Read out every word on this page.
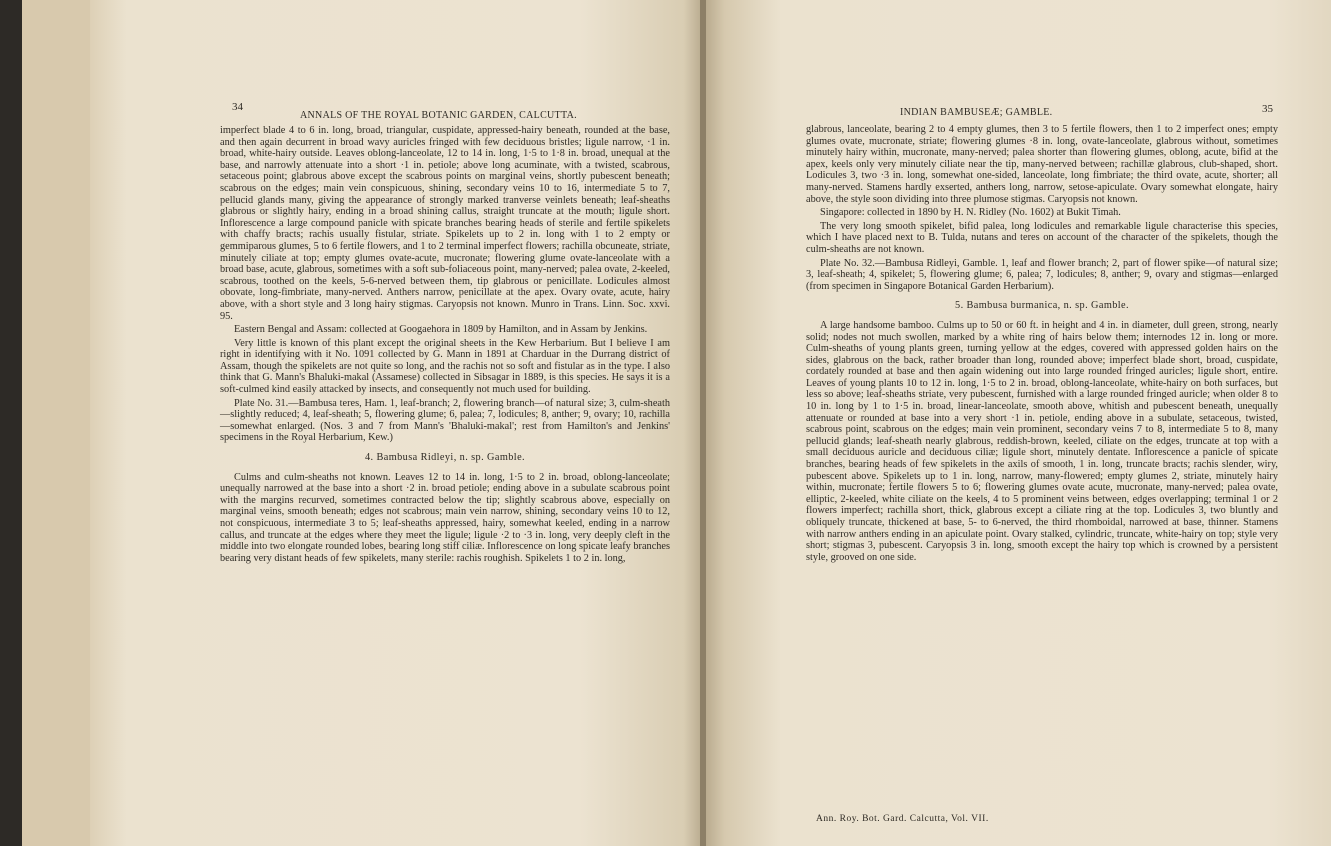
34
ANNALS OF THE ROYAL BOTANIC GARDEN, CALCUTTA.

imperfect blade 4 to 6 in. long, broad, triangular, cuspidate, appressed-hairy beneath, rounded at the base, and then again decurrent in broad wavy auricles fringed with few deciduous bristles; ligule narrow, ·1 in. broad, white-hairy outside. Leaves oblong-lanceolate, 12 to 14 in. long, 1·5 to 1·8 in. broad, unequal at the base, and narrowly attenuate into a short ·1 in. petiole; above long acuminate, with a twisted, scabrous, setaceous point; glabrous above except the scabrous points on marginal veins, shortly pubescent beneath; scabrous on the edges; main vein conspicuous, shining, secondary veins 10 to 16, intermediate 5 to 7, pellucid glands many, giving the appearance of strongly marked tranverse veinlets beneath; leaf-sheaths glabrous or slightly hairy, ending in a broad shining callus, straight truncate at the mouth; ligule short. Inflorescence a large compound panicle with spicate branches bearing heads of sterile and fertile spikelets with chaffy bracts; rachis usually fistular, striate. Spikelets up to 2 in. long with 1 to 2 empty or gemmiparous glumes, 5 to 6 fertile flowers, and 1 to 2 terminal imperfect flowers; rachilla obcuneate, striate, minutely ciliate at top; empty glumes ovate-acute, mucronate; flowering glume ovate-lanceolate with a broad base, acute, glabrous, sometimes with a soft sub-foliaceous point, many-nerved; palea ovate, 2-keeled, scabrous, toothed on the keels, 5-6-nerved between them, tip glabrous or penicillate. Lodicules almost obovate, long-fimbriate, many-nerved. Anthers narrow, penicillate at the apex. Ovary ovate, acute, hairy above, with a short style and 3 long hairy stigmas. Caryopsis not known. Munro in Trans. Linn. Soc. xxvi. 95.

Eastern Bengal and Assam: collected at Googaehora in 1809 by Hamilton, and in Assam by Jenkins.

Very little is known of this plant except the original sheets in the Kew Herbarium. But I believe I am right in identifying with it No. 1091 collected by G. Mann in 1891 at Charduar in the Durrang district of Assam, though the spikelets are not quite so long, and the rachis not so soft and fistular as in the type. I also think that G. Mann's Bhaluki-makal (Assamese) collected in Sibsagar in 1889, is this species. He says it is a soft-culmed kind easily attacked by insects, and consequently not much used for building.

Plate No. 31.—Bambusa teres, Ham. 1, leaf-branch; 2, flowering branch—of natural size; 3, culm-sheath—slightly reduced; 4, leaf-sheath; 5, flowering glume; 6, palea; 7, lodicules; 8, anther; 9, ovary; 10, rachilla—somewhat enlarged. (Nos. 3 and 7 from Mann's 'Bhaluki-makal'; rest from Hamilton's and Jenkins' specimens in the Royal Herbarium, Kew.)

4. Bambusa Ridleyi, n. sp. Gamble.

Culms and culm-sheaths not known. Leaves 12 to 14 in. long, 1·5 to 2 in. broad, oblong-lanceolate; unequally narrowed at the base into a short ·2 in. broad petiole; ending above in a subulate scabrous point with the margins recurved, sometimes contracted below the tip; slightly scabrous above, especially on marginal veins, smooth beneath; edges not scabrous; main vein narrow, shining, secondary veins 10 to 12, not conspicuous, intermediate 3 to 5; leaf-sheaths appressed, hairy, somewhat keeled, ending in a narrow callus, and truncate at the edges where they meet the ligule; ligule ·2 to ·3 in. long, very deeply cleft in the middle into two elongate rounded lobes, bearing long stiff ciliæ. Inflorescence on long spicate leafy branches bearing very distant heads of few spikelets, many sterile: rachis roughish. Spikelets 1 to 2 in. long,

INDIAN BAMBUSEÆ; GAMBLE.	35

glabrous, lanceolate, bearing 2 to 4 empty glumes, then 3 to 5 fertile flowers, then 1 to 2 imperfect ones; empty glumes ovate, mucronate, striate; flowering glumes ·8 in. long, ovate-lanceolate, glabrous without, sometimes minutely hairy within, mucronate, many-nerved; palea shorter than flowering glumes, oblong, acute, bifid at the apex, keels only very minutely ciliate near the tip, many-nerved between; rachillæ glabrous, club-shaped, short. Lodicules 3, two ·3 in. long, somewhat one-sided, lanceolate, long fimbriate; the third ovate, acute, shorter; all many-nerved. Stamens hardly exserted, anthers long, narrow, setose-apiculate. Ovary somewhat elongate, hairy above, the style soon dividing into three plumose stigmas. Caryopsis not known.

Singapore: collected in 1890 by H. N. Ridley (No. 1602) at Bukit Timah.

The very long smooth spikelet, bifid palea, long lodicules and remarkable ligule characterise this species, which I have placed next to B. Tulda, nutans and teres on account of the character of the spikelets, though the culm-sheaths are not known.

Plate No. 32.—Bambusa Ridleyi, Gamble. 1, leaf and flower branch; 2, part of flower spike—of natural size; 3, leaf-sheath; 4, spikelet; 5, flowering glume; 6, palea; 7, lodicules; 8, anther; 9, ovary and stigmas—enlarged (from specimen in Singapore Botanical Garden Herbarium).

5. Bambusa burmanica, n. sp. Gamble.

A large handsome bamboo. Culms up to 50 or 60 ft. in height and 4 in. in diameter, dull green, strong, nearly solid; nodes not much swollen, marked by a white ring of hairs below them; internodes 12 in. long or more. Culm-sheaths of young plants green, turning yellow at the edges, covered with appressed golden hairs on the sides, glabrous on the back, rather broader than long, rounded above; imperfect blade short, broad, cuspidate, cordately rounded at base and then again widening out into large rounded fringed auricles; ligule short, entire. Leaves of young plants 10 to 12 in. long, 1·5 to 2 in. broad, oblong-lanceolate, white-hairy on both surfaces, but less so above; leaf-sheaths striate, very pubescent, furnished with a large rounded fringed auricle; when older 8 to 10 in. long by 1 to 1·5 in. broad, linear-lanceolate, smooth above, whitish and pubescent beneath, unequally attenuate or rounded at base into a very short ·1 in. petiole, ending above in a subulate, setaceous, twisted, scabrous point, scabrous on the edges; main vein prominent, secondary veins 7 to 8, intermediate 5 to 8, many pellucid glands; leaf-sheath nearly glabrous, reddish-brown, keeled, ciliate on the edges, truncate at top with a small deciduous auricle and deciduous ciliæ; ligule short, minutely dentate. Inflorescence a panicle of spicate branches, bearing heads of few spikelets in the axils of smooth, 1 in. long, truncate bracts; rachis slender, wiry, pubescent above. Spikelets up to 1 in. long, narrow, many-flowered; empty glumes 2, striate, minutely hairy within, mucronate; fertile flowers 5 to 6; flowering glumes ovate acute, mucronate, many-nerved; palea ovate, elliptic, 2-keeled, white ciliate on the keels, 4 to 5 prominent veins between, edges overlapping; terminal 1 or 2 flowers imperfect; rachilla short, thick, glabrous except a ciliate ring at the top. Lodicules 3, two bluntly and obliquely truncate, thickened at base, 5- to 6-nerved, the third rhomboidal, narrowed at base, thinner. Stamens with narrow anthers ending in an apiculate point. Ovary stalked, cylindric, truncate, white-hairy on top; style very short; stigmas 3, pubescent. Caryopsis 3 in. long, smooth except the hairy top which is crowned by a persistent style, grooved on one side.

Ann. Roy. Bot. Gard. Calcutta, Vol. VII.
